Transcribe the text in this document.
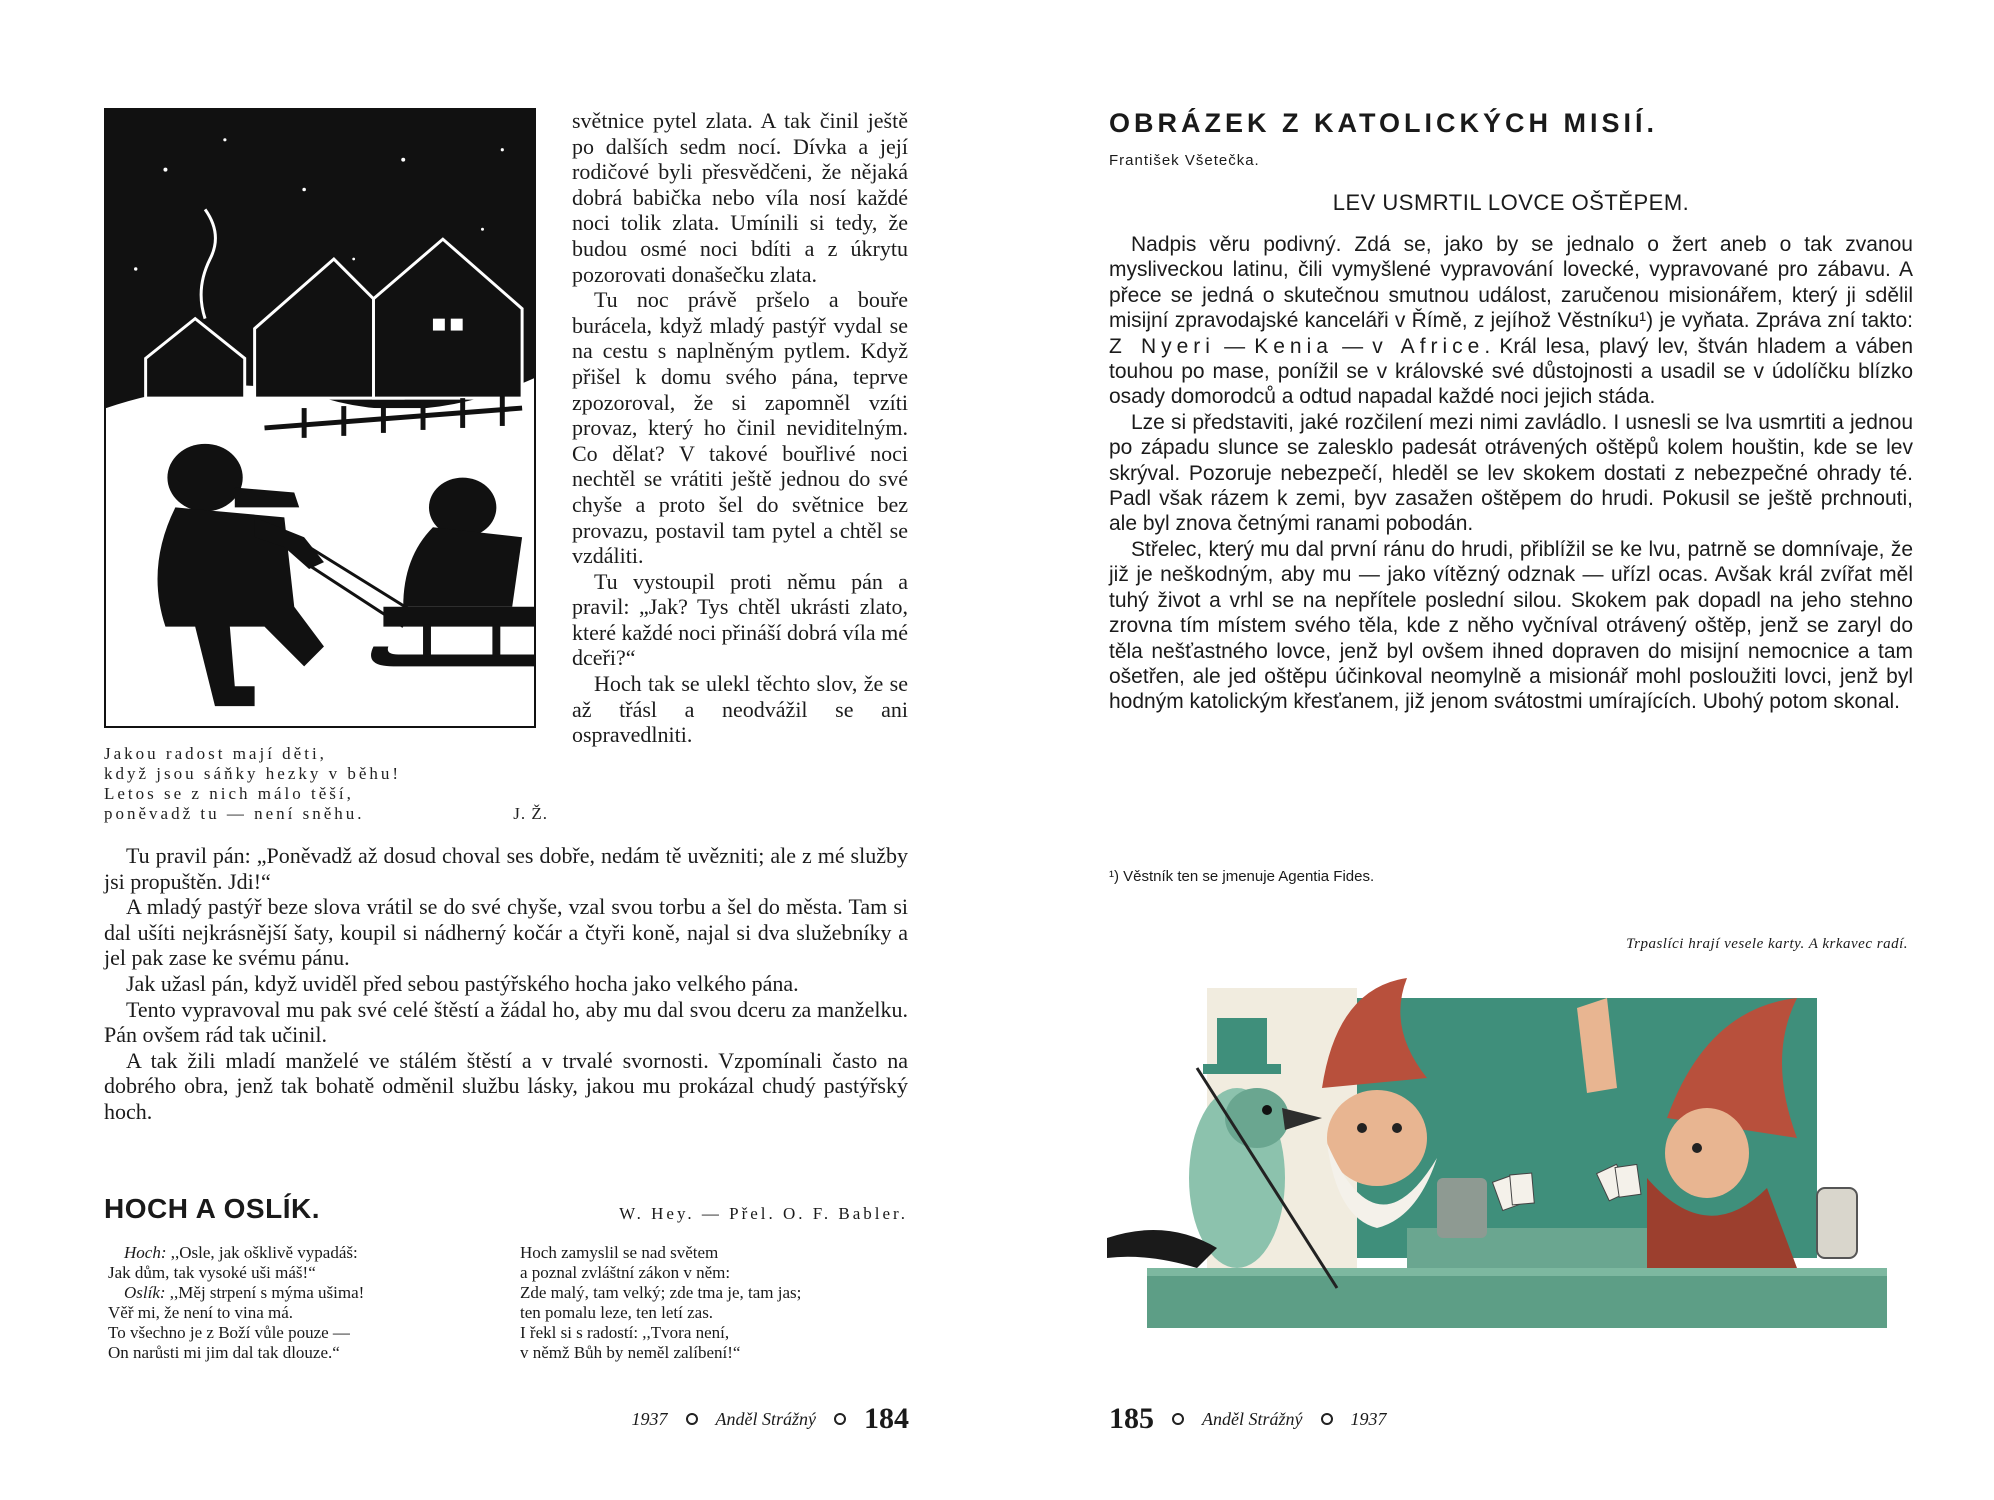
Jakou radost mají děti,
když jsou sáňky hezky v běhu!
Letos se z nich málo těší,
poněvadž tu — není sněhu.	J. Ž.

světnice pytel zlata. A tak činil ještě po dalších sedm nocí. Dívka a její rodičové byli přesvědčeni, že nějaká dobrá babička nebo víla nosí každé noci tolik zlata. Umínili si tedy, že budou osmé noci bdíti a z úkrytu pozorovati donašečku zlata.

Tu noc právě pršelo a bouře burácela, když mladý pastýř vydal se na cestu s naplněným pytlem. Když přišel k domu svého pána, teprve zpozoroval, že si zapomněl vzíti provaz, který ho činil neviditelným. Co dělat? V takové bouřlivé noci nechtěl se vrátiti ještě jednou do své chyše a proto šel do světnice bez provazu, postavil tam pytel a chtěl se vzdáliti.

Tu vystoupil proti němu pán a pravil: „Jak? Tys chtěl ukrásti zlato, které každé noci přináší dobrá víla mé dceři?“

Hoch tak se ulekl těchto slov, že se až třásl a neodvážil se ani ospravedlniti.

Tu pravil pán: „Poněvadž až dosud choval ses dobře, nedám tě uvězniti; ale z mé služby jsi propuštěn. Jdi!“

A mladý pastýř beze slova vrátil se do své chyše, vzal svou torbu a šel do města. Tam si dal ušíti nejkrásnější šaty, koupil si nádherný kočár a čtyři koně, najal si dva služebníky a jel pak zase ke svému pánu.

Jak užasl pán, když uviděl před sebou pastýřského hocha jako velkého pána.

Tento vypravoval mu pak své celé štěstí a žádal ho, aby mu dal svou dceru za manželku. Pán ovšem rád tak učinil.

A tak žili mladí manželé ve stálém štěstí a v trvalé svornosti. Vzpomínali často na dobrého obra, jenž tak bohatě odměnil službu lásky, jakou mu prokázal chudý pastýřský hoch.

HOCH A OSLÍK.	W. Hey. — Přel. O. F. Babler.
Hoch: ,,Osle, jak ošklivě vypadáš:
Jak dům, tak vysoké uši máš!“
Oslík: ,,Měj strpení s mýma ušima!
Věř mi, že není to vina má.
To všechno je z Boží vůle pouze —
On narůsti mi jim dal tak dlouze.“
Hoch zamyslil se nad světem
a poznal zvláštní zákon v něm:
Zde malý, tam velký; zde tma je, tam jas;
ten pomalu leze, ten letí zas.
I řekl si s radostí: ,,Tvora není,
v němž Bůh by neměl zalíbení!“
1937	Anděl Strážný 184
OBRÁZEK Z KATOLICKÝCH MISIÍ.
František Všetečka.
LEV USMRTIL LOVCE OŠTĚPEM.

Nadpis věru podivný. Zdá se, jako by se jednalo o žert aneb o tak zvanou mysliveckou latinu, čili vymyšlené vypravování lovecké, vypravované pro zábavu. A přece se jedná o skutečnou smutnou událost, zaručenou misionářem, který ji sdělil misijní zpravodajské kanceláři v Římě, z jejíhož Věstníku¹) je vyňata. Zpráva zní takto: Z Nyeri — Kenia — v Africe. Král lesa, plavý lev, štván hladem a váben touhou po mase, ponížil se v královské své důstojnosti a usadil se v údolíčku blízko osady domorodců a odtud napadal každé noci jejich stáda.

Lze si představiti, jaké rozčilení mezi nimi zavládlo. I usnesli se lva usmrtiti a jednou po západu slunce se zalesklo padesát otrávených oštěpů kolem houštin, kde se lev skrýval. Pozoruje nebezpečí, hleděl se lev skokem dostati z nebezpečné ohrady té. Padl však rázem k zemi, byv zasažen oštěpem do hrudi. Pokusil se ještě prchnouti, ale byl znova četnými ranami pobodán.

Střelec, který mu dal první ránu do hrudi, přiblížil se ke lvu, patrně se domnívaje, že již je neškodným, aby mu — jako vítězný odznak — uřízl ocas. Avšak král zvířat měl tuhý život a vrhl se na nepřítele poslední silou. Skokem pak dopadl na jeho stehno zrovna tím místem svého těla, kde z něho vyčníval otrávený oštěp, jenž se zaryl do těla nešťastného lovce, jenž byl ovšem ihned dopraven do misijní nemocnice a tam ošetřen, ale jed oštěpu účinkoval neomylně a misionář mohl posloužiti lovci, jenž byl hodným katolickým křesťanem, již jenom svátostmi umírajících. Ubohý potom skonal.

¹) Věstník ten se jmenuje Agentia Fides.
Trpaslíci hrají vesele karty. A krkavec radí.
185	Anděl Strážný	1937
